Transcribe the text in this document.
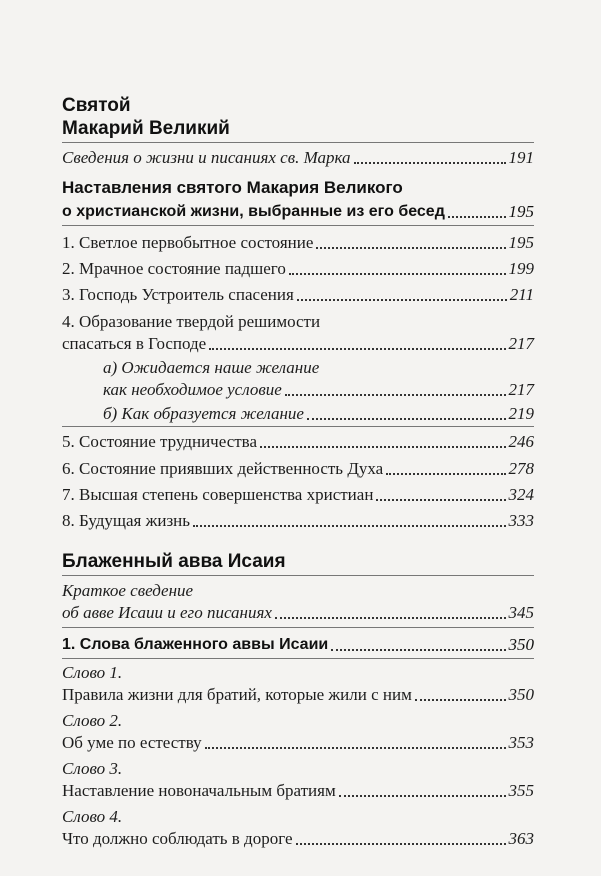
Святой
Макарий Великий
Сведения о жизни и писаниях св. Марка	191
Наставления святого Макария Великого
о христианской жизни, выбранные из его бесед	195
1. Светлое первобытное состояние	195
2. Мрачное состояние падшего	199
3. Господь Устроитель спасения	211
4. Образование твердой решимости
спасаться в Господе	217
а) Ожидается наше желание
как необходимое условие	217
б) Как образуется желание	219
5. Состояние трудничества	246
6. Состояние приявших действенность Духа	278
7. Высшая степень совершенства христиан	324
8. Будущая жизнь	333
Блаженный авва Исаия
Краткое сведение
об авве Исаии и его писаниях	345
1. Слова блаженного аввы Исаии	350
Слово 1.
Правила жизни для братий, которые жили с ним	350
Слово 2.
Об уме по естеству	353
Слово 3.
Наставление новоначальным братиям	355
Слово 4.
Что должно соблюдать в дороге	363
